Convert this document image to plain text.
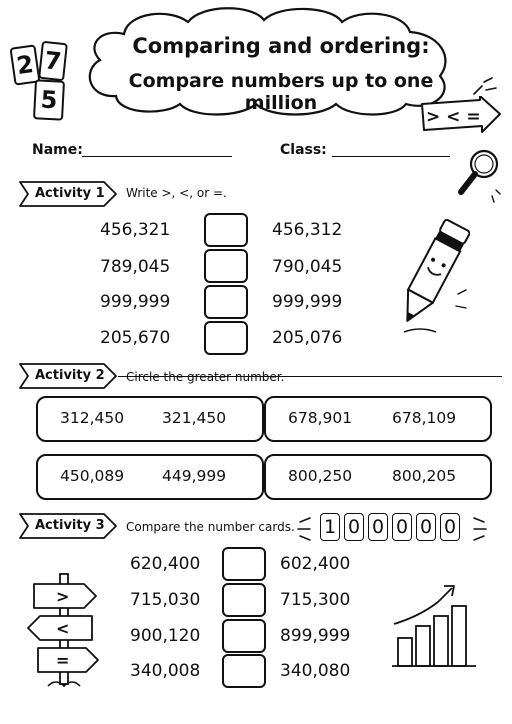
Comparing and ordering:
Compare numbers up to one million
2 7
5
> < =
Name:	Class:
Activity 1 Write >, <, or =.
456,321	456,312
789,045	790,045
999,999	999,999
205,670	205,076
Activity 2 Circle the greater number.
312,450 321,450	678,901	678,109
450,089 449,999	800,250	800,205
Activity 3 Compare the number cards. 1 0 0 0 0 0
620,400	602,400
715,030	715,300
900,120	899,999
340,008	340,080
>
<
=
